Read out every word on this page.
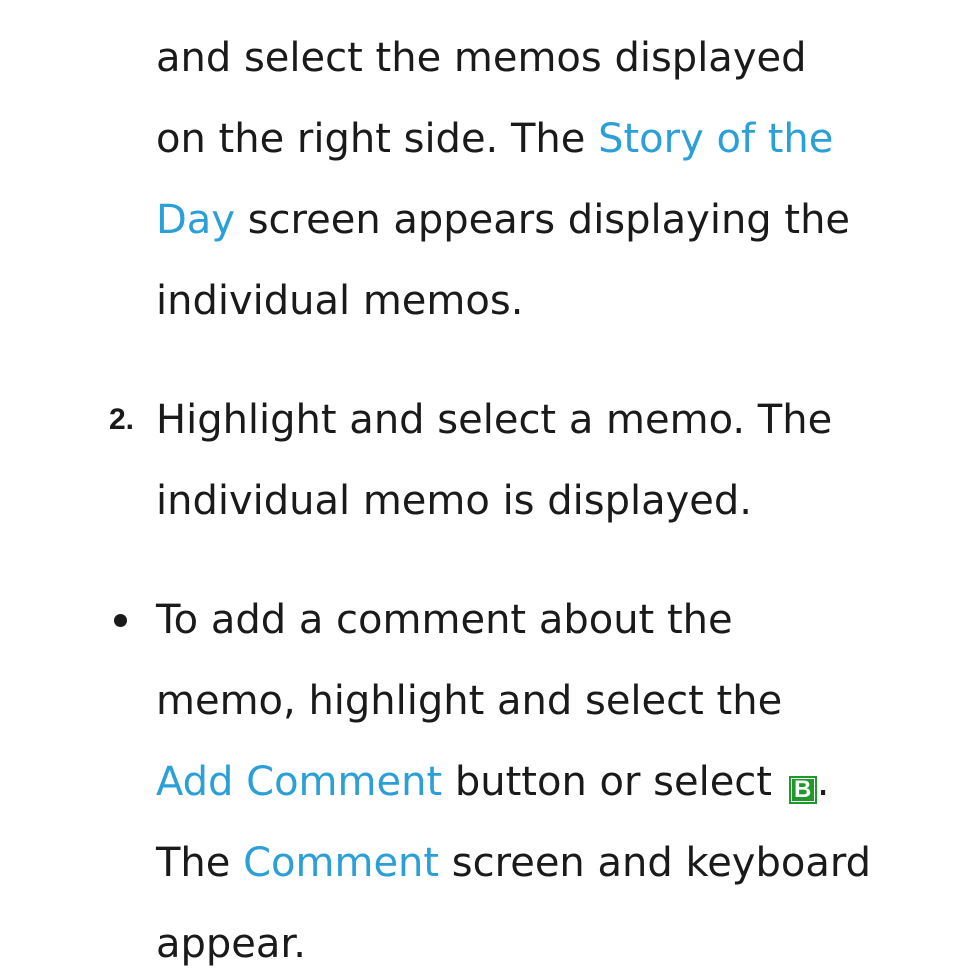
and select the memos displayed
on the right side. The Story of the
Day screen appears displaying the
individual memos.
2. Highlight and select a memo. The
individual memo is displayed.
To add a comment about the
memo, highlight and select the
Add Comment button or select B .
The Comment screen and keyboard
appear.
